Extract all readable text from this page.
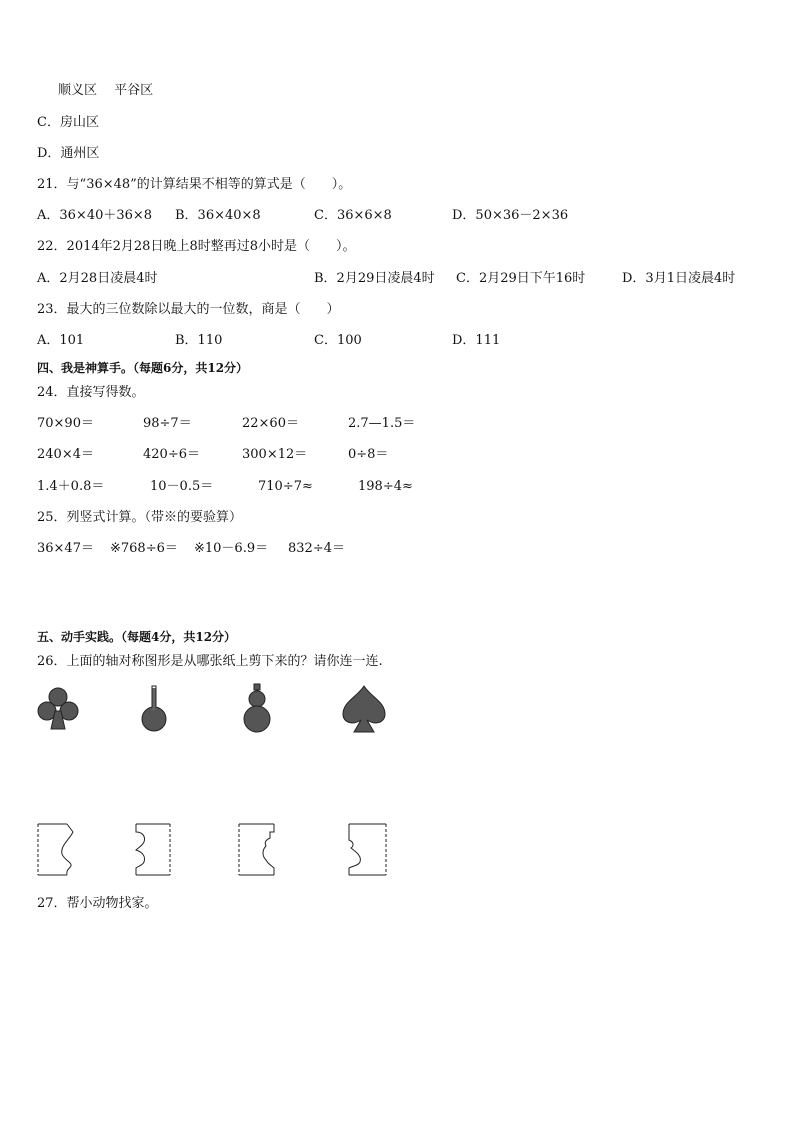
顺义区　 平谷区
C．房山区
D．通州区
21．与“36×48”的计算结果不相等的算式是（　　）。
A．36×40＋36×8 B．36×40×8	C．36×6×8	D．50×36－2×36
22．2014年2月28日晚上8时整再过8小时是（　　）。
A．2月28日凌晨4时	B．2月29日凌晨4时 C．2月29日下午16时	D．3月1日凌晨4时
23．最大的三位数除以最大的一位数，商是（　　）
A．101	B．110	C．100	D．111
四、我是神算手。（每题6分，共12分）
24．直接写得数。
70×90＝	98÷7＝	22×60＝	2.7—1.5＝
240×4＝	420÷6＝	300×12＝	0÷8＝
1.4＋0.8＝	10－0.5＝	710÷7≈	198÷4≈
25．列竖式计算。（带※的要验算）
36×47＝ ※768÷6＝ ※10－6.9＝ 832÷4＝
五、动手实践。（每题4分，共12分）
26．上面的轴对称图形是从哪张纸上剪下来的？请你连一连.
27．帮小动物找家。
